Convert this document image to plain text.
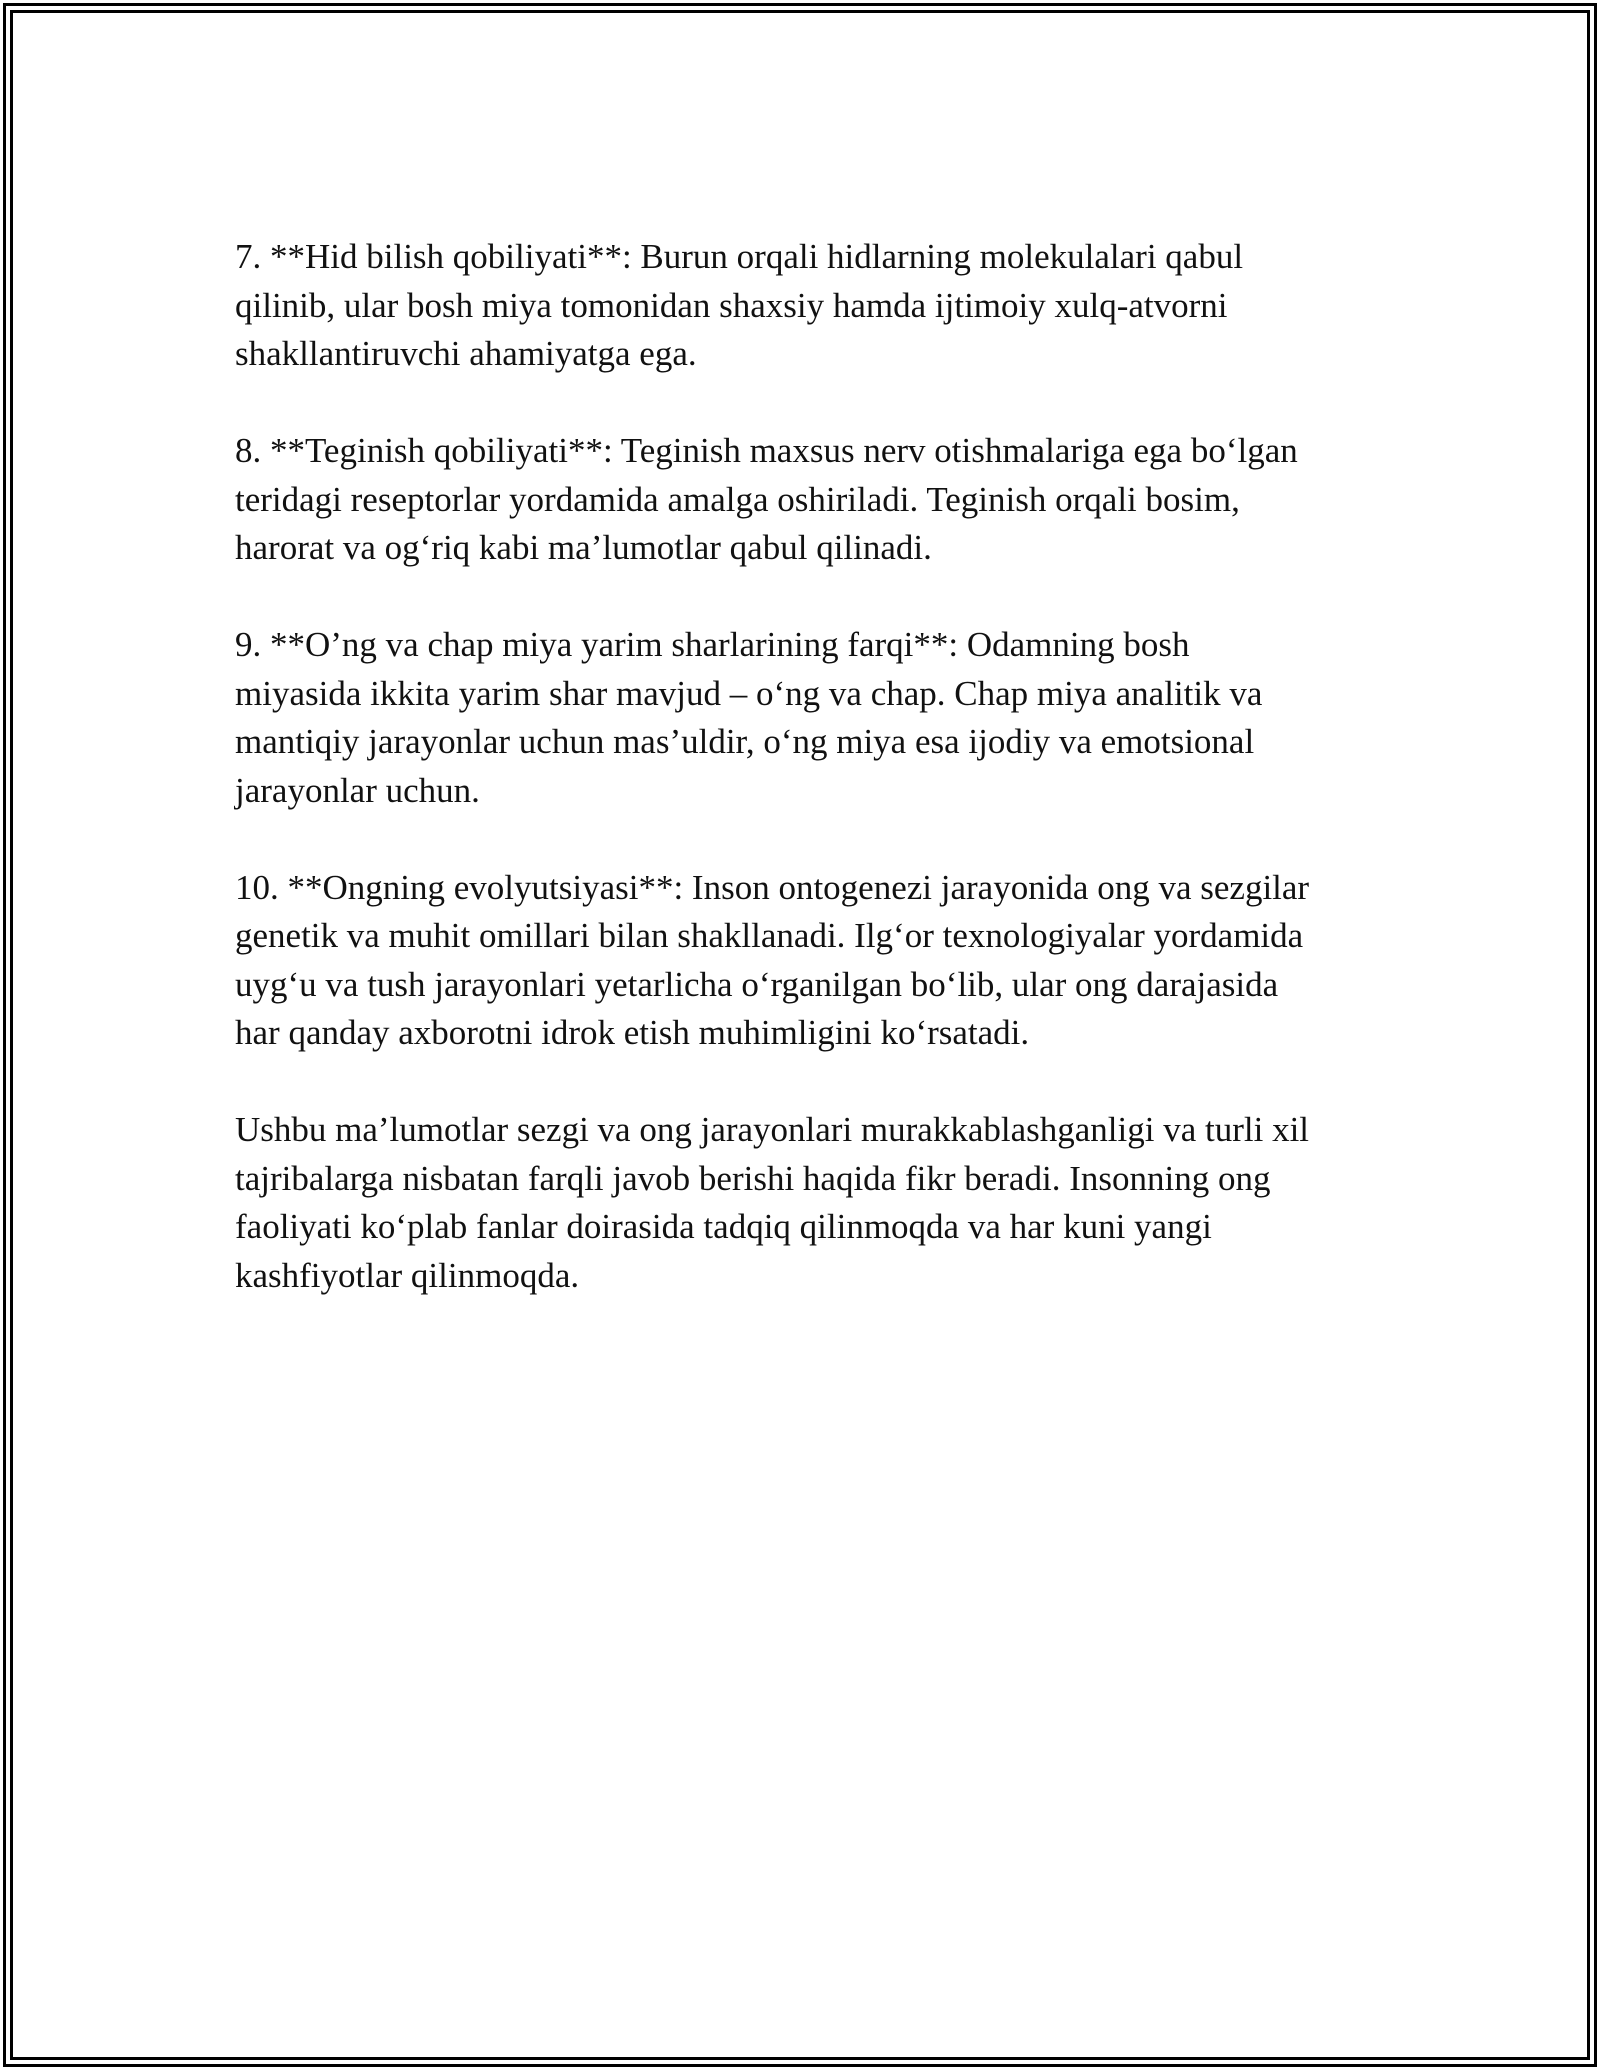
7. **Hid bilish qobiliyati**: Burun orqali hidlarning molekulalari qabul
qilinib, ular bosh miya tomonidan shaxsiy hamda ijtimoiy xulq-atvorni
shakllantiruvchi ahamiyatga ega.

8. **Teginish qobiliyati**: Teginish maxsus nerv otishmalariga ega bo‘lgan
teridagi reseptorlar yordamida amalga oshiriladi. Teginish orqali bosim,
harorat va og‘riq kabi ma’lumotlar qabul qilinadi.

9. **O’ng va chap miya yarim sharlarining farqi**: Odamning bosh
miyasida ikkita yarim shar mavjud – o‘ng va chap. Chap miya analitik va
mantiqiy jarayonlar uchun mas’uldir, o‘ng miya esa ijodiy va emotsional
jarayonlar uchun.

10. **Ongning evolyutsiyasi**: Inson ontogenezi jarayonida ong va sezgilar
genetik va muhit omillari bilan shakllanadi. Ilg‘or texnologiyalar yordamida
uyg‘u va tush jarayonlari yetarlicha o‘rganilgan bo‘lib, ular ong darajasida
har qanday axborotni idrok etish muhimligini ko‘rsatadi.

Ushbu ma’lumotlar sezgi va ong jarayonlari murakkablashganligi va turli xil
tajribalarga nisbatan farqli javob berishi haqida fikr beradi. Insonning ong
faoliyati ko‘plab fanlar doirasida tadqiq qilinmoqda va har kuni yangi
kashfiyotlar qilinmoqda.
